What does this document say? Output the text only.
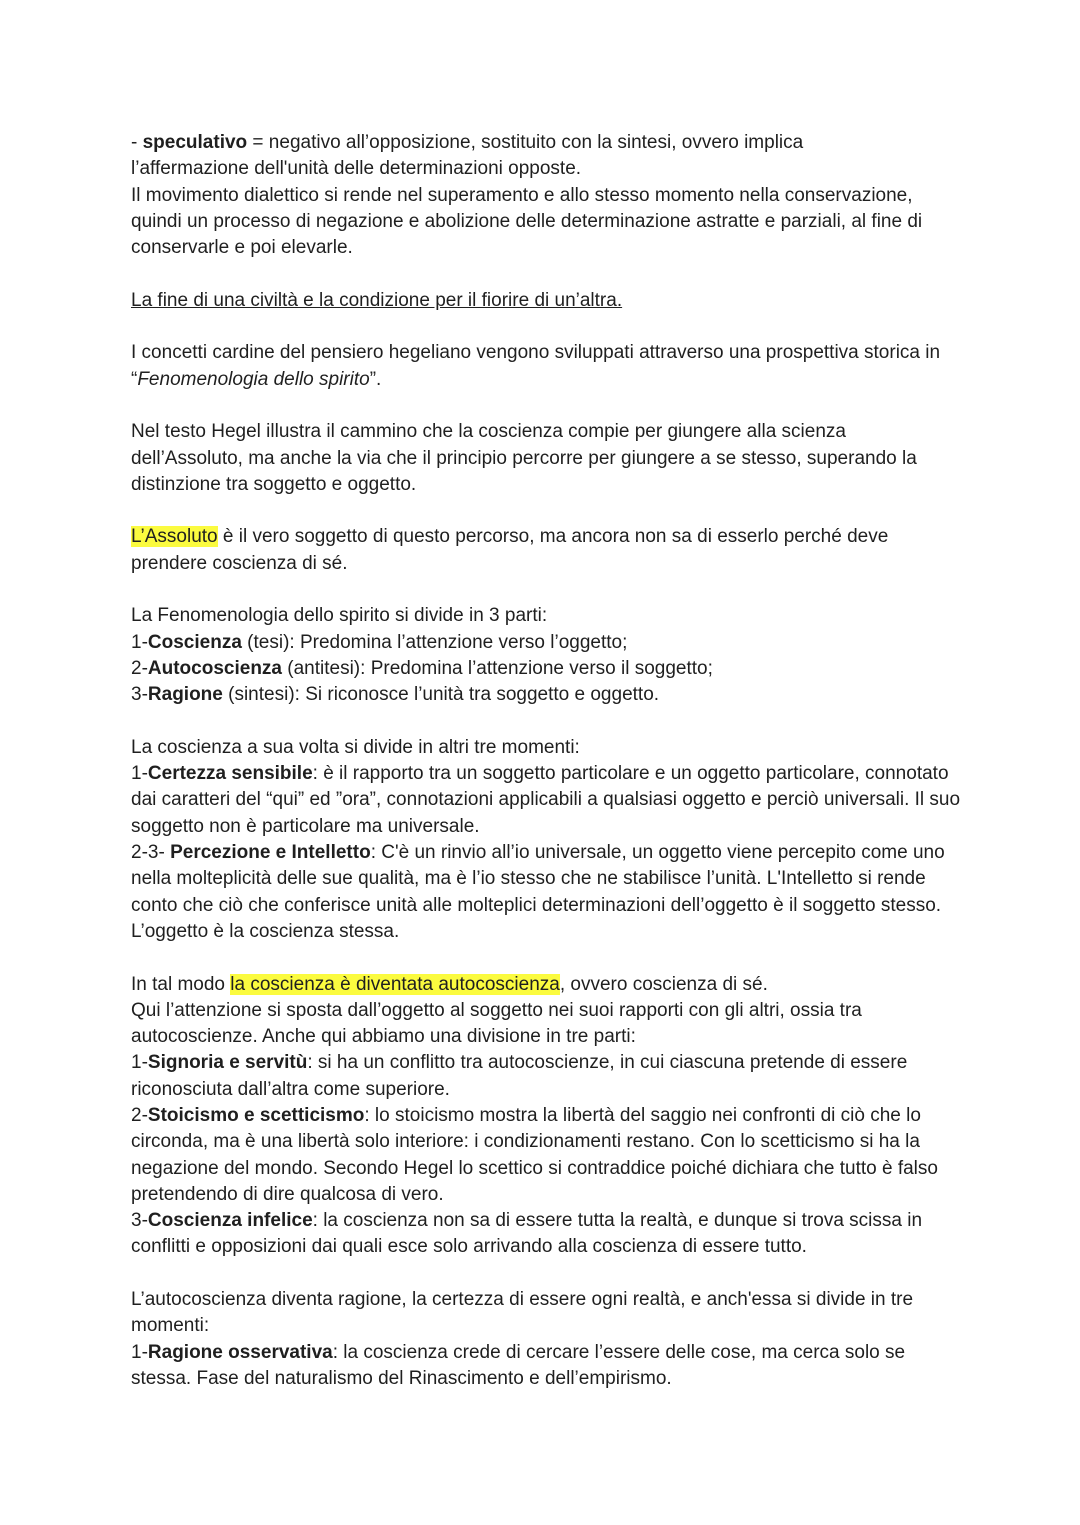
- speculativo = negativo all’opposizione, sostituito con la sintesi, ovvero implica
l’affermazione dell'unità delle determinazioni opposte.

Il movimento dialettico si rende nel superamento e allo stesso momento nella conservazione, quindi un processo di negazione e abolizione delle determinazione astratte e parziali, al fine di conservarle e poi elevarle.

La fine di una civiltà e la condizione per il fiorire di un’altra.

I concetti cardine del pensiero hegeliano vengono sviluppati attraverso una prospettiva storica in “Fenomenologia dello spirito”.

Nel testo Hegel illustra il cammino che la coscienza compie per giungere alla scienza dell’Assoluto, ma anche la via che il principio percorre per giungere a se stesso, superando la distinzione tra soggetto e oggetto.

L’Assoluto è il vero soggetto di questo percorso, ma ancora non sa di esserlo perché deve prendere coscienza di sé.

La Fenomenologia dello spirito si divide in 3 parti:

1-Coscienza (tesi): Predomina l’attenzione verso l’oggetto;

2-Autocoscienza (antitesi): Predomina l’attenzione verso il soggetto;

3-Ragione (sintesi): Si riconosce l’unità tra soggetto e oggetto.

La coscienza a sua volta si divide in altri tre momenti:

1-Certezza sensibile: è il rapporto tra un soggetto particolare e un oggetto particolare, connotato dai caratteri del “qui” ed ”ora”, connotazioni applicabili a qualsiasi oggetto e perciò universali. Il suo soggetto non è particolare ma universale.

2-3- Percezione e Intelletto: C'è un rinvio all’io universale, un oggetto viene percepito come uno nella molteplicità delle sue qualità, ma è l’io stesso che ne stabilisce l’unità. L'Intelletto si rende conto che ciò che conferisce unità alle molteplici determinazioni dell’oggetto è il soggetto stesso. L’oggetto è la coscienza stessa.

In tal modo la coscienza è diventata autocoscienza, ovvero coscienza di sé.

Qui l’attenzione si sposta dall’oggetto al soggetto nei suoi rapporti con gli altri, ossia tra autocoscienze. Anche qui abbiamo una divisione in tre parti:

1-Signoria e servitù: si ha un conflitto tra autocoscienze, in cui ciascuna pretende di essere riconosciuta dall’altra come superiore.

2-Stoicismo e scetticismo: lo stoicismo mostra la libertà del saggio nei confronti di ciò che lo circonda, ma è una libertà solo interiore: i condizionamenti restano. Con lo scetticismo si ha la negazione del mondo. Secondo Hegel lo scettico si contraddice poiché dichiara che tutto è falso pretendendo di dire qualcosa di vero.

3-Coscienza infelice: la coscienza non sa di essere tutta la realtà, e dunque si trova scissa in conflitti e opposizioni dai quali esce solo arrivando alla coscienza di essere tutto.

L’autocoscienza diventa ragione, la certezza di essere ogni realtà, e anch'essa si divide in tre momenti:

1-Ragione osservativa: la coscienza crede di cercare l’essere delle cose, ma cerca solo se stessa. Fase del naturalismo del Rinascimento e dell’empirismo.
